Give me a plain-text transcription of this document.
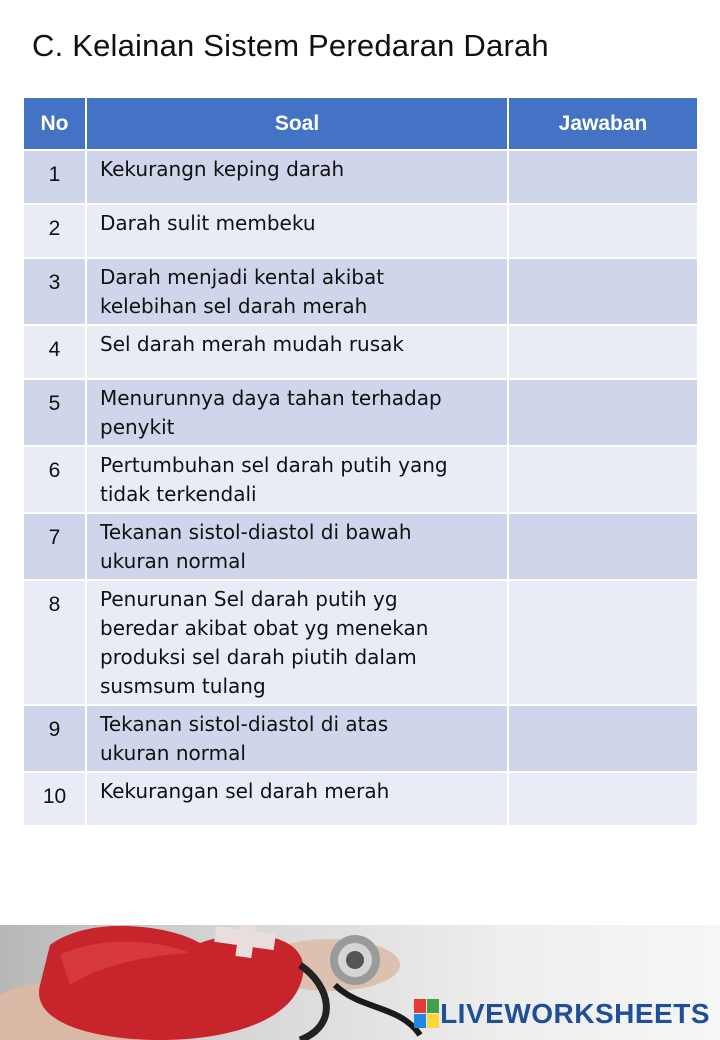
C. Kelainan Sistem Peredaran Darah
No	Soal	Jawaban
1	Kekurangn keping darah	
2	Darah sulit membeku	
3	Darah menjadi kental akibat
kelebihan sel darah merah	
4	Sel darah merah mudah rusak	
5	Menurunnya daya tahan terhadap
penykit	
6	Pertumbuhan sel darah putih yang
tidak terkendali	
7	Tekanan sistol-diastol di bawah
ukuran normal	
8	Penurunan Sel darah putih yg
beredar akibat obat yg menekan
produksi sel darah piutih dalam
susmsum tulang	
9	Tekanan sistol-diastol di atas
ukuran normal	
10	Kekurangan sel darah merah	
LIVEWORKSHEETS
